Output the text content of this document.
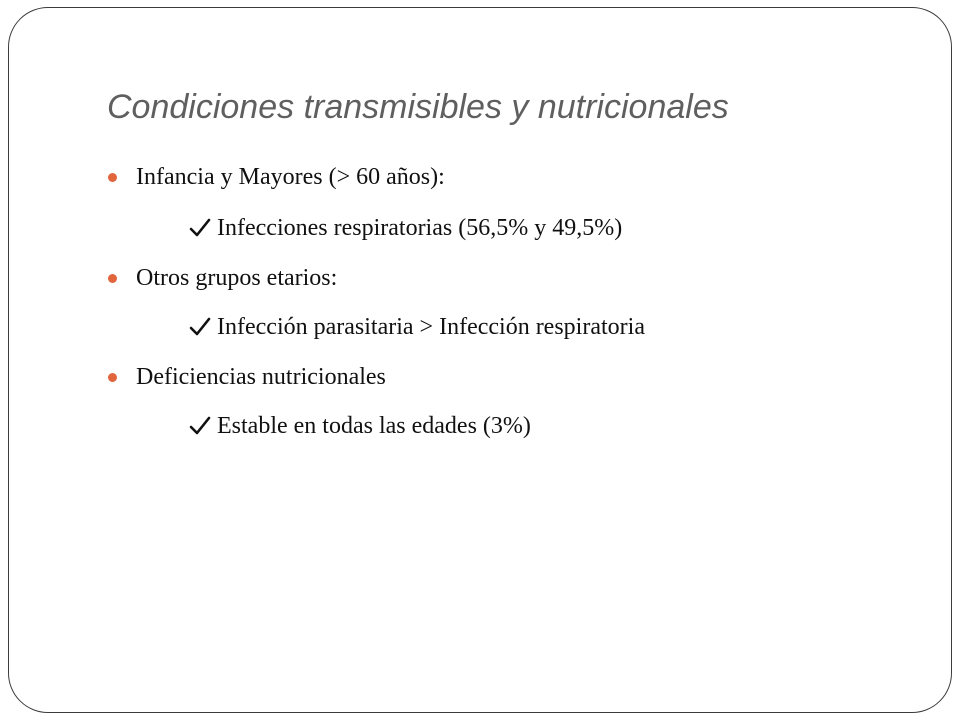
Condiciones transmisibles y nutricionales
Infancia y Mayores (> 60 años):
Infecciones respiratorias (56,5% y 49,5%)
Otros grupos etarios:
Infección parasitaria > Infección respiratoria
Deficiencias nutricionales
Estable en todas las edades (3%)
